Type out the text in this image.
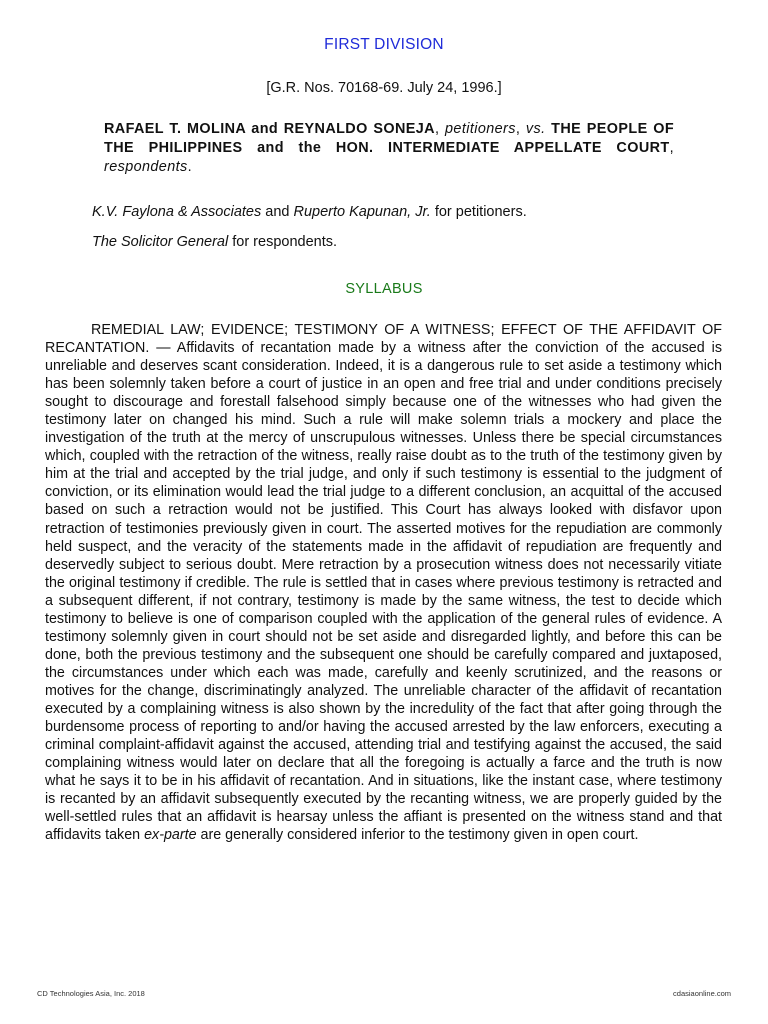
FIRST DIVISION
[G.R. Nos. 70168-69. July 24, 1996.]
RAFAEL T. MOLINA and REYNALDO SONEJA, petitioners, vs. THE PEOPLE OF THE PHILIPPINES and the HON. INTERMEDIATE APPELLATE COURT, respondents.
K.V. Faylona & Associates and Ruperto Kapunan, Jr. for petitioners.
The Solicitor General for respondents.
SYLLABUS
REMEDIAL LAW; EVIDENCE; TESTIMONY OF A WITNESS; EFFECT OF THE AFFIDAVIT OF RECANTATION. — Affidavits of recantation made by a witness after the conviction of the accused is unreliable and deserves scant consideration. Indeed, it is a dangerous rule to set aside a testimony which has been solemnly taken before a court of justice in an open and free trial and under conditions precisely sought to discourage and forestall falsehood simply because one of the witnesses who had given the testimony later on changed his mind. Such a rule will make solemn trials a mockery and place the investigation of the truth at the mercy of unscrupulous witnesses. Unless there be special circumstances which, coupled with the retraction of the witness, really raise doubt as to the truth of the testimony given by him at the trial and accepted by the trial judge, and only if such testimony is essential to the judgment of conviction, or its elimination would lead the trial judge to a different conclusion, an acquittal of the accused based on such a retraction would not be justified. This Court has always looked with disfavor upon retraction of testimonies previously given in court. The asserted motives for the repudiation are commonly held suspect, and the veracity of the statements made in the affidavit of repudiation are frequently and deservedly subject to serious doubt. Mere retraction by a prosecution witness does not necessarily vitiate the original testimony if credible. The rule is settled that in cases where previous testimony is retracted and a subsequent different, if not contrary, testimony is made by the same witness, the test to decide which testimony to believe is one of comparison coupled with the application of the general rules of evidence. A testimony solemnly given in court should not be set aside and disregarded lightly, and before this can be done, both the previous testimony and the subsequent one should be carefully compared and juxtaposed, the circumstances under which each was made, carefully and keenly scrutinized, and the reasons or motives for the change, discriminatingly analyzed. The unreliable character of the affidavit of recantation executed by a complaining witness is also shown by the incredulity of the fact that after going through the burdensome process of reporting to and/or having the accused arrested by the law enforcers, executing a criminal complaint-affidavit against the accused, attending trial and testifying against the accused, the said complaining witness would later on declare that all the foregoing is actually a farce and the truth is now what he says it to be in his affidavit of recantation. And in situations, like the instant case, where testimony is recanted by an affidavit subsequently executed by the recanting witness, we are properly guided by the well-settled rules that an affidavit is hearsay unless the affiant is presented on the witness stand and that affidavits taken ex-parte are generally considered inferior to the testimony given in open court.
CD Technologies Asia, Inc. 2018	cdasiaonline.com
